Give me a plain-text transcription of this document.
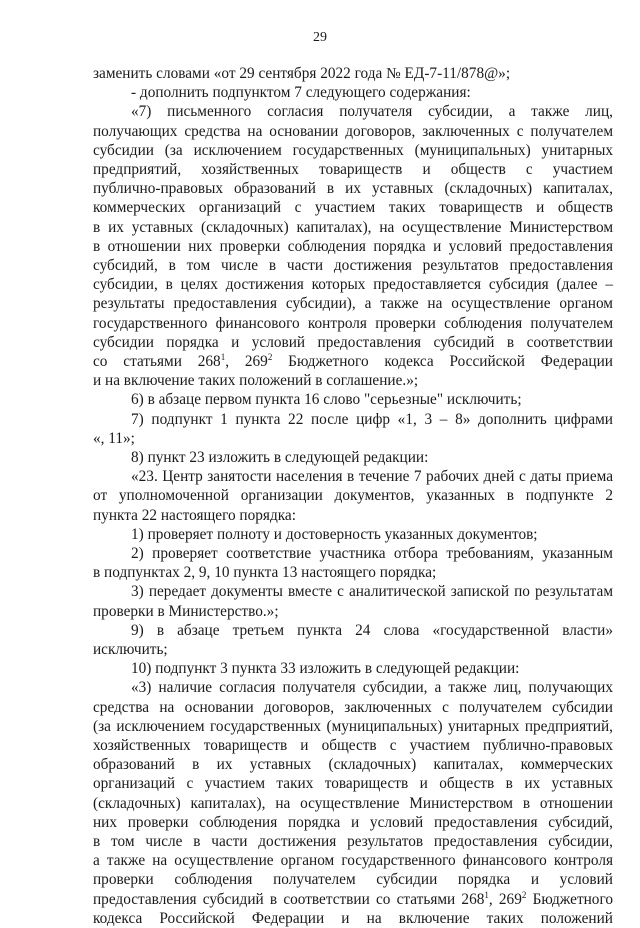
29
заменить словами «от 29 сентября 2022 года № ЕД-7-11/878@»;
- дополнить подпунктом 7 следующего содержания:
«7) письменного согласия получателя субсидии, а также лиц,
получающих средства на основании договоров, заключенных с получателем
субсидии (за исключением государственных (муниципальных) унитарных
предприятий, хозяйственных товариществ и обществ с участием
публично-правовых образований в их уставных (складочных) капиталах,
коммерческих организаций с участием таких товариществ и обществ
в их уставных (складочных) капиталах), на осуществление Министерством
в отношении них проверки соблюдения порядка и условий предоставления
субсидий, в том числе в части достижения результатов предоставления
субсидии, в целях достижения которых предоставляется субсидия (далее –
результаты предоставления субсидии), а также на осуществление органом
государственного финансового контроля проверки соблюдения получателем
субсидии порядка и условий предоставления субсидий в соответствии
со статьями $268^1$, $269^2$ Бюджетного кодекса Российской Федерации
и на включение таких положений в соглашение.»;
6) в абзаце первом пункта 16 слово "серьезные" исключить;
7) подпункт 1 пункта 22 после цифр «1, 3 – 8» дополнить цифрами
«, 11»;
8) пункт 23 изложить в следующей редакции:
«23. Центр занятости населения в течение 7 рабочих дней с даты приема
от уполномоченной организации документов, указанных в подпункте 2
пункта 22 настоящего порядка:
1) проверяет полноту и достоверность указанных документов;
2) проверяет соответствие участника отбора требованиям, указанным
в подпунктах 2, 9, 10 пункта 13 настоящего порядка;
3) передает документы вместе с аналитической запиской по результатам
проверки в Министерство.»;
9) в абзаце третьем пункта 24 слова «государственной власти»
исключить;
10) подпункт 3 пункта 33 изложить в следующей редакции:
«3) наличие согласия получателя субсидии, а также лиц, получающих
средства на основании договоров, заключенных с получателем субсидии
(за исключением государственных (муниципальных) унитарных предприятий,
хозяйственных товариществ и обществ с участием публично-правовых
образований в их уставных (складочных) капиталах, коммерческих
организаций с участием таких товариществ и обществ в их уставных
(складочных) капиталах), на осуществление Министерством в отношении
них проверки соблюдения порядка и условий предоставления субсидий,
в том числе в части достижения результатов предоставления субсидии,
а также на осуществление органом государственного финансового контроля
проверки соблюдения получателем субсидии порядка и условий
предоставления субсидий в соответствии со статьями $268^1$, $269^2$ Бюджетного
кодекса Российской Федерации и на включение таких положений
